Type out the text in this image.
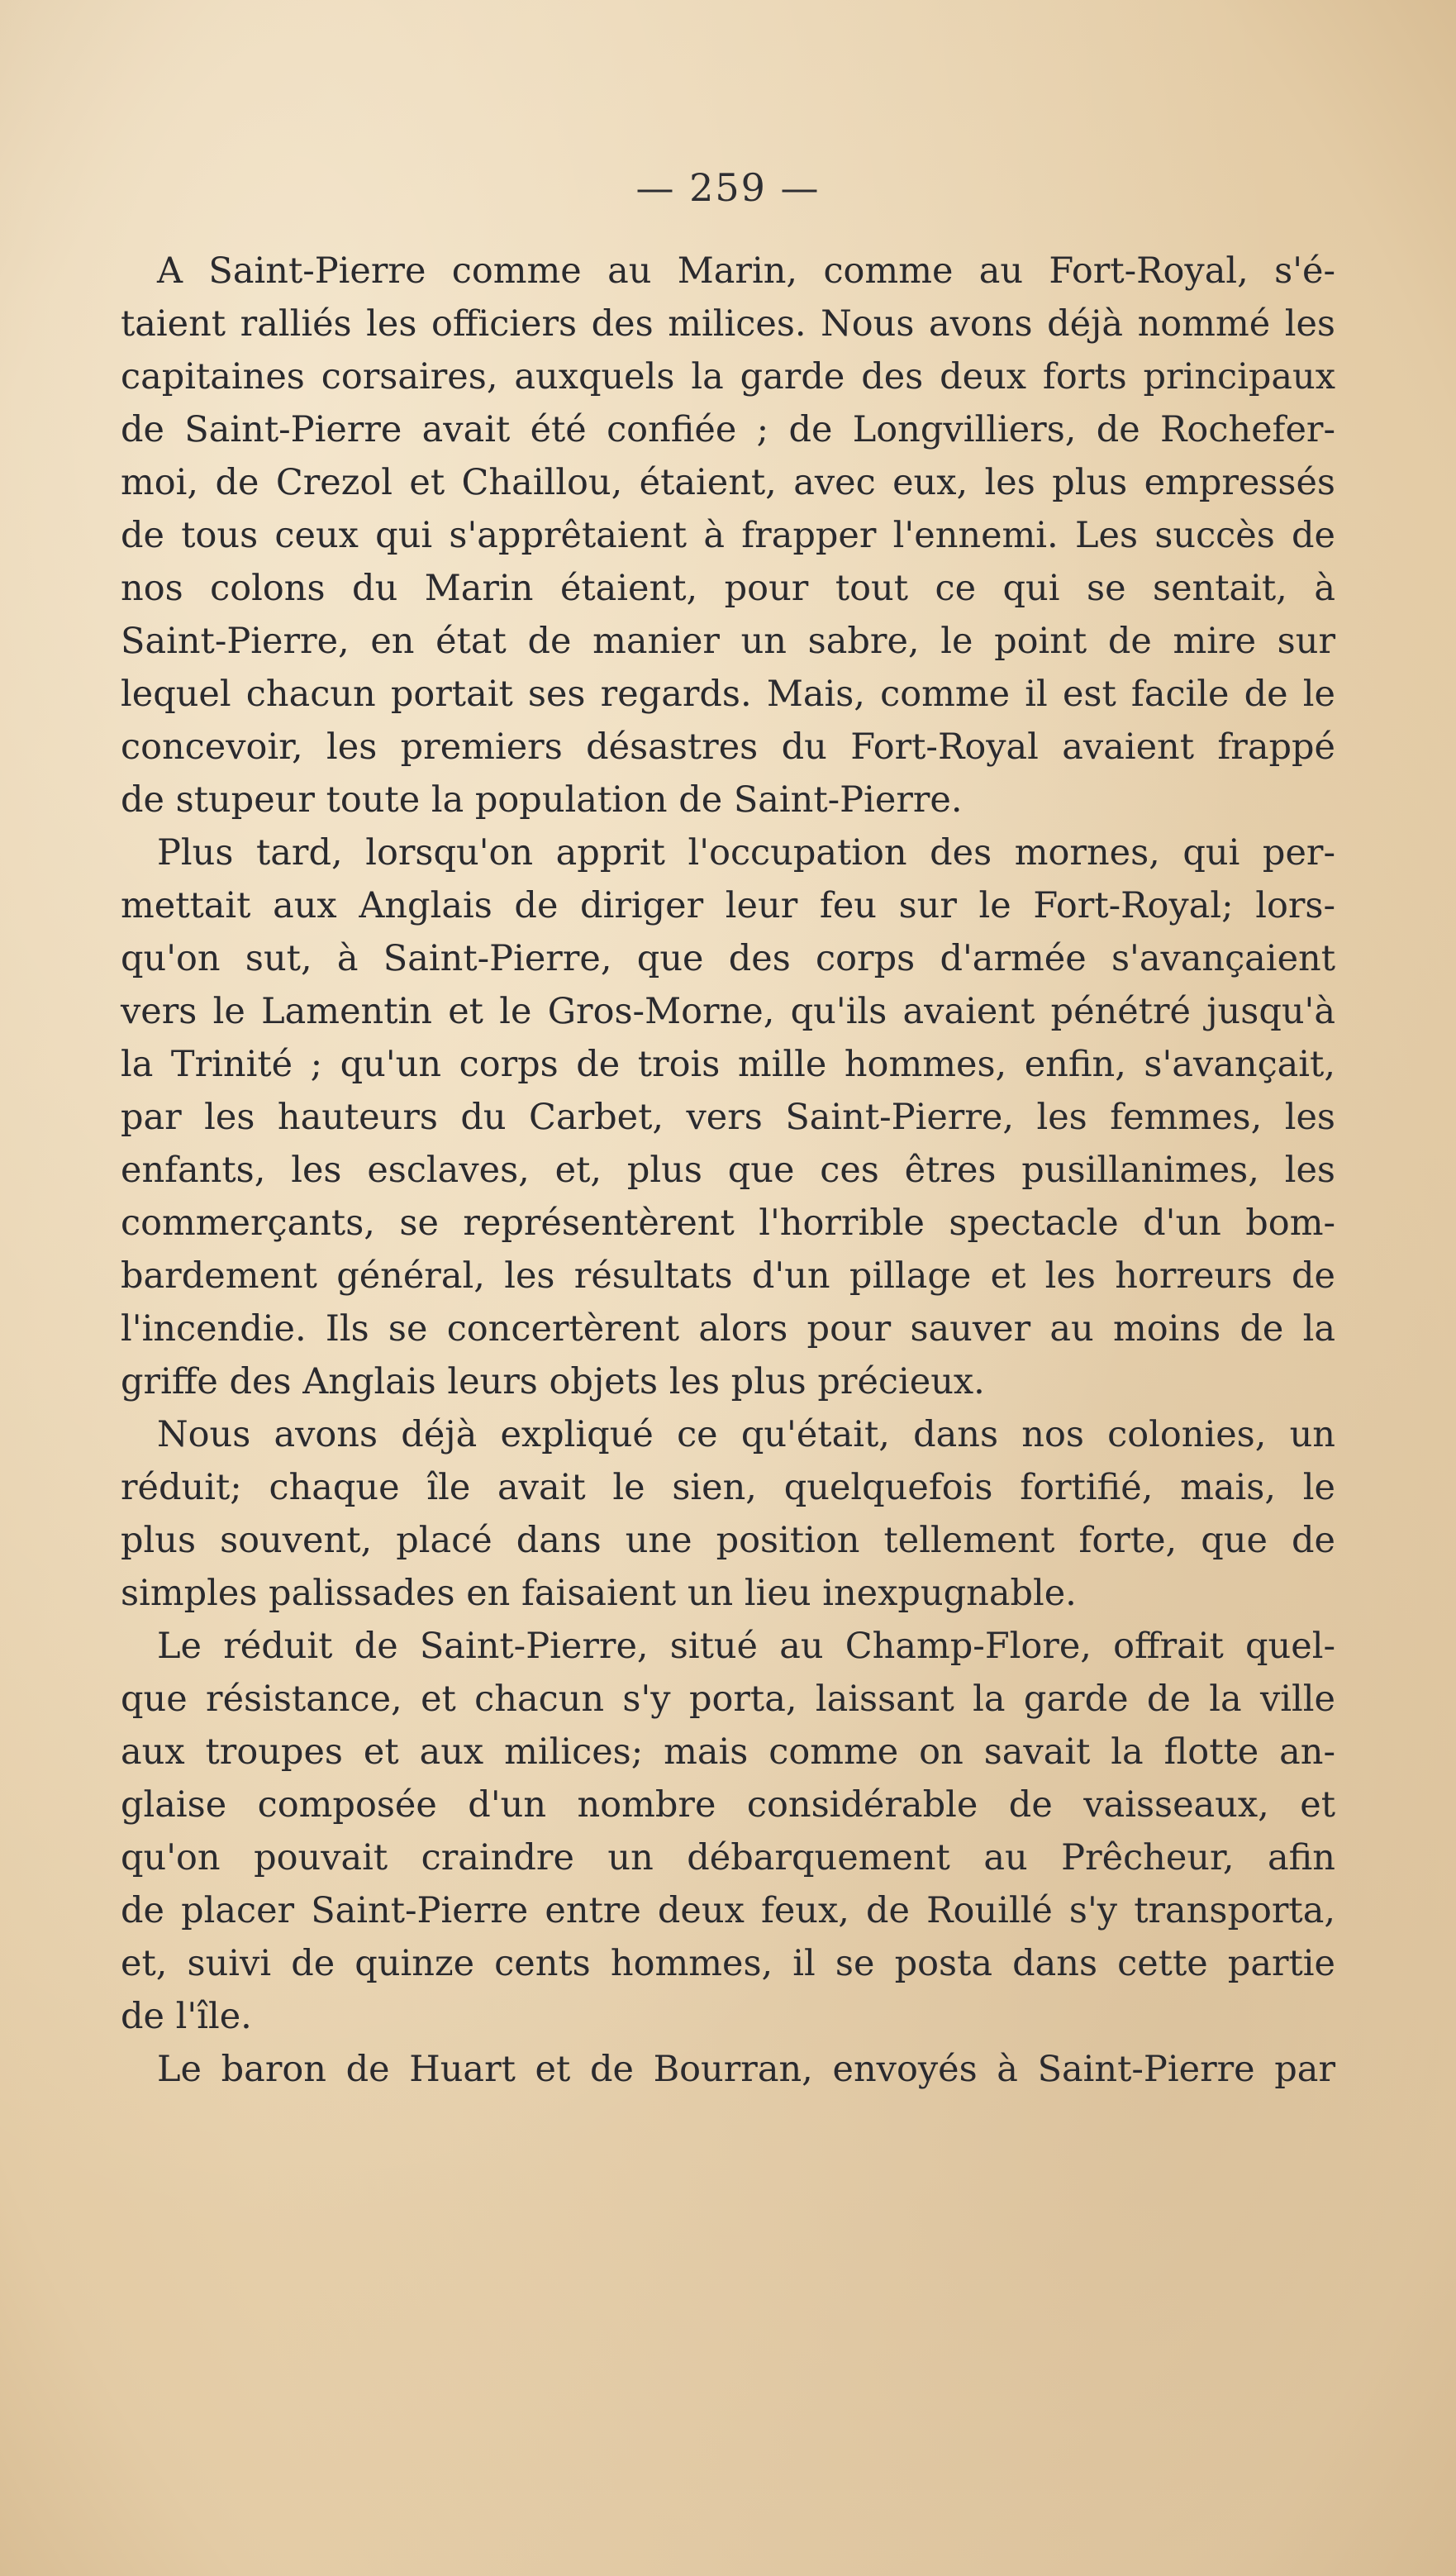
— 259 —
A Saint-Pierre comme au Marin, comme au Fort-Royal, s'é-
taient ralliés les officiers des milices. Nous avons déjà nommé les
capitaines corsaires, auxquels la garde des deux forts principaux
de Saint-Pierre avait été confiée ; de Longvilliers, de Rochefer-
moi, de Crezol et Chaillou, étaient, avec eux, les plus empressés
de tous ceux qui s'apprêtaient à frapper l'ennemi. Les succès de
nos colons du Marin étaient, pour tout ce qui se sentait, à
Saint-Pierre, en état de manier un sabre, le point de mire sur
lequel chacun portait ses regards. Mais, comme il est facile de le
concevoir, les premiers désastres du Fort-Royal avaient frappé
de stupeur toute la population de Saint-Pierre.
Plus tard, lorsqu'on apprit l'occupation des mornes, qui per-
mettait aux Anglais de diriger leur feu sur le Fort-Royal; lors-
qu'on sut, à Saint-Pierre, que des corps d'armée s'avançaient
vers le Lamentin et le Gros-Morne, qu'ils avaient pénétré jusqu'à
la Trinité ; qu'un corps de trois mille hommes, enfin, s'avançait,
par les hauteurs du Carbet, vers Saint-Pierre, les femmes, les
enfants, les esclaves, et, plus que ces êtres pusillanimes, les
commerçants, se représentèrent l'horrible spectacle d'un bom-
bardement général, les résultats d'un pillage et les horreurs de
l'incendie. Ils se concertèrent alors pour sauver au moins de la
griffe des Anglais leurs objets les plus précieux.
Nous avons déjà expliqué ce qu'était, dans nos colonies, un
réduit; chaque île avait le sien, quelquefois fortifié, mais, le
plus souvent, placé dans une position tellement forte, que de
simples palissades en faisaient un lieu inexpugnable.
Le réduit de Saint-Pierre, situé au Champ-Flore, offrait quel-
que résistance, et chacun s'y porta, laissant la garde de la ville
aux troupes et aux milices; mais comme on savait la flotte an-
glaise composée d'un nombre considérable de vaisseaux, et
qu'on pouvait craindre un débarquement au Prêcheur, afin
de placer Saint-Pierre entre deux feux, de Rouillé s'y transporta,
et, suivi de quinze cents hommes, il se posta dans cette partie
de l'île.
Le baron de Huart et de Bourran, envoyés à Saint-Pierre par
